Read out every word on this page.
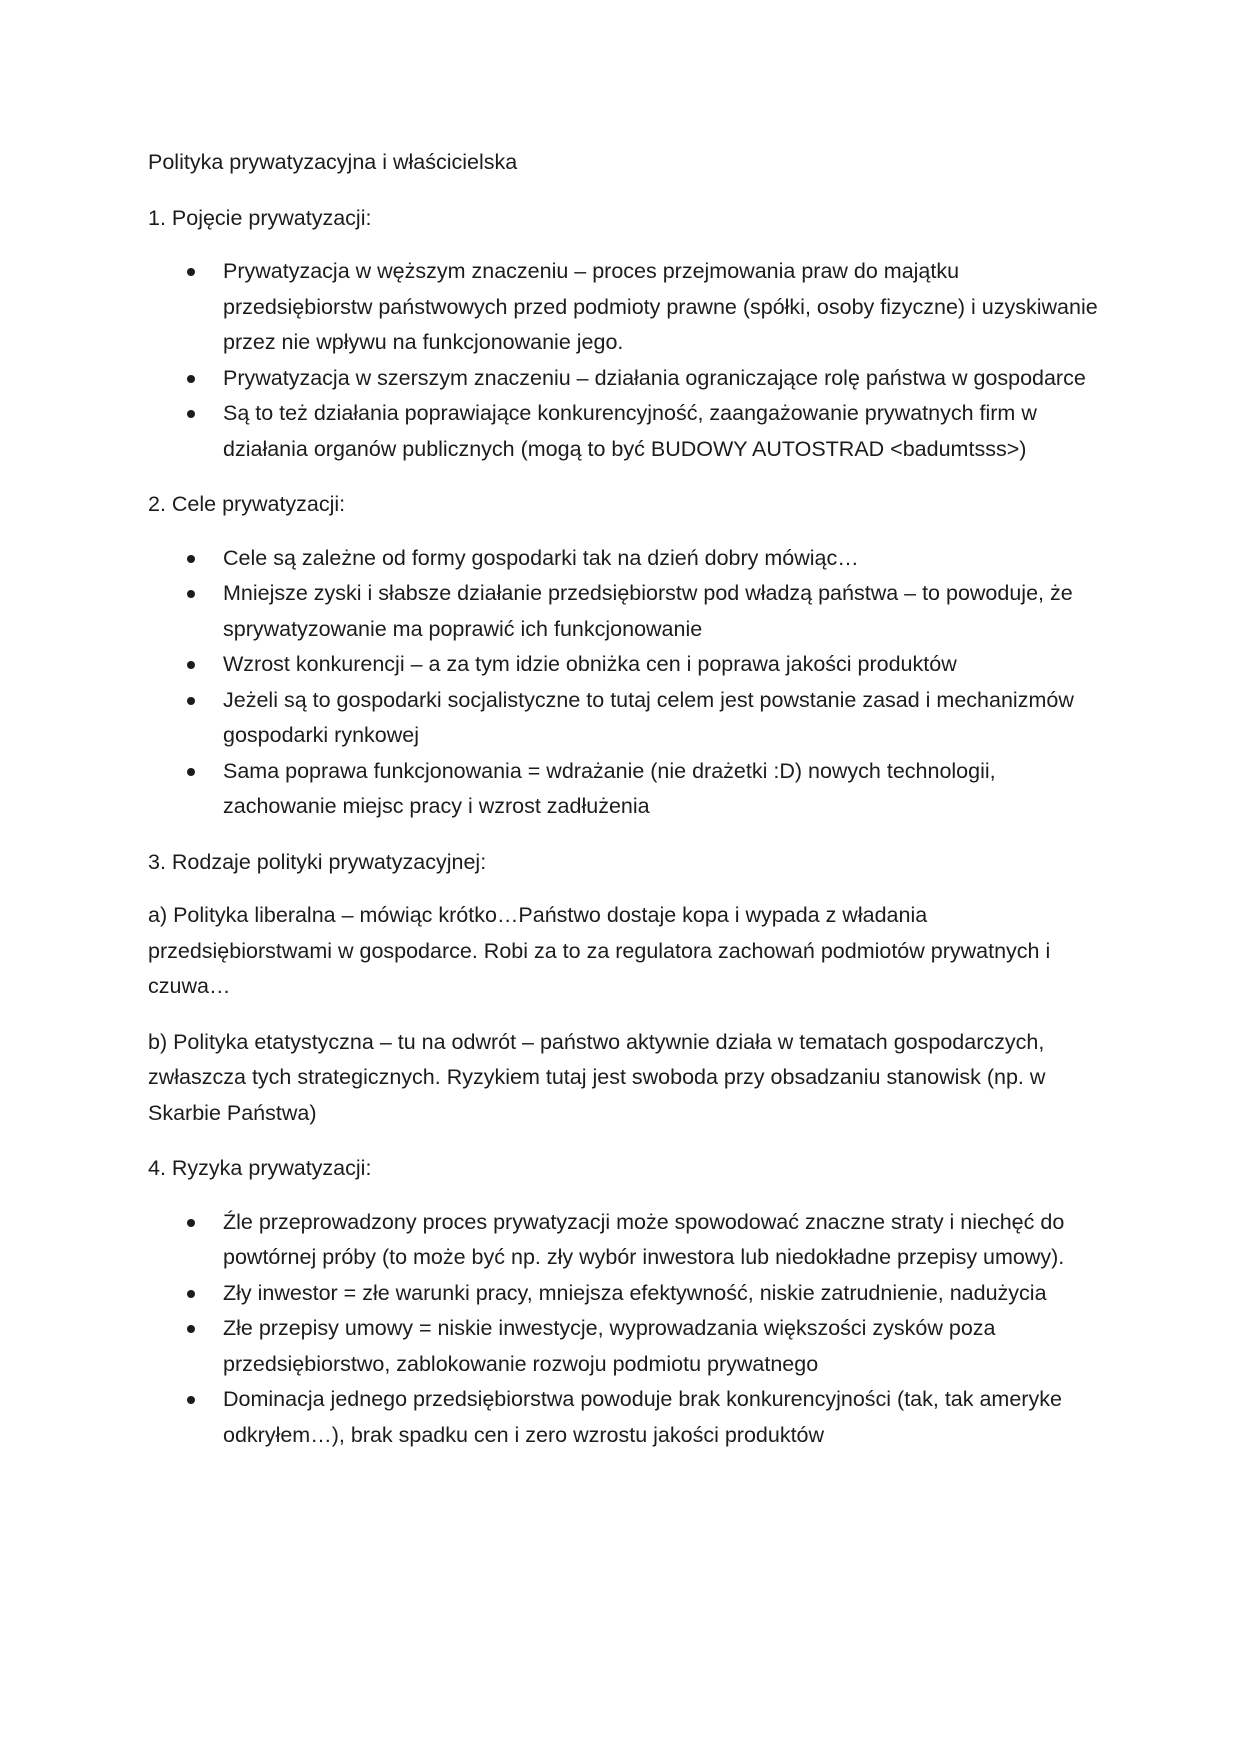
Polityka prywatyzacyjna i właścicielska

1. Pojęcie prywatyzacji:

Prywatyzacja w węższym znaczeniu – proces przejmowania praw do majątku przedsiębiorstw państwowych przed podmioty prawne (spółki, osoby fizyczne) i uzyskiwanie przez nie wpływu na funkcjonowanie jego.
Prywatyzacja w szerszym znaczeniu – działania ograniczające rolę państwa w gospodarce
Są to też działania poprawiające konkurencyjność, zaangażowanie prywatnych firm w działania organów publicznych (mogą to być BUDOWY AUTOSTRAD <badumtsss>)

2. Cele prywatyzacji:

Cele są zależne od formy gospodarki tak na dzień dobry mówiąc…
Mniejsze zyski i słabsze działanie przedsiębiorstw pod władzą państwa – to powoduje, że sprywatyzowanie ma poprawić ich funkcjonowanie
Wzrost konkurencji – a za tym idzie obniżka cen i poprawa jakości produktów
Jeżeli są to gospodarki socjalistyczne to tutaj celem jest powstanie zasad i mechanizmów gospodarki rynkowej
Sama poprawa funkcjonowania = wdrażanie (nie drażetki :D) nowych technologii, zachowanie miejsc pracy i wzrost zadłużenia

3. Rodzaje polityki prywatyzacyjnej:

a) Polityka liberalna – mówiąc krótko…Państwo dostaje kopa i wypada z władania przedsiębiorstwami w gospodarce. Robi za to za regulatora zachowań podmiotów prywatnych i czuwa…

b) Polityka etatystyczna – tu na odwrót – państwo aktywnie działa w tematach gospodarczych, zwłaszcza tych strategicznych. Ryzykiem tutaj jest swoboda przy obsadzaniu stanowisk (np. w Skarbie Państwa)

4. Ryzyka prywatyzacji:

Źle przeprowadzony proces prywatyzacji może spowodować znaczne straty i niechęć do powtórnej próby (to może być np. zły wybór inwestora lub niedokładne przepisy umowy).
Zły inwestor = złe warunki pracy, mniejsza efektywność, niskie zatrudnienie, nadużycia
Złe przepisy umowy = niskie inwestycje, wyprowadzania większości zysków poza przedsiębiorstwo, zablokowanie rozwoju podmiotu prywatnego
Dominacja jednego przedsiębiorstwa powoduje brak konkurencyjności (tak, tak ameryke odkryłem…), brak spadku cen i zero wzrostu jakości produktów
